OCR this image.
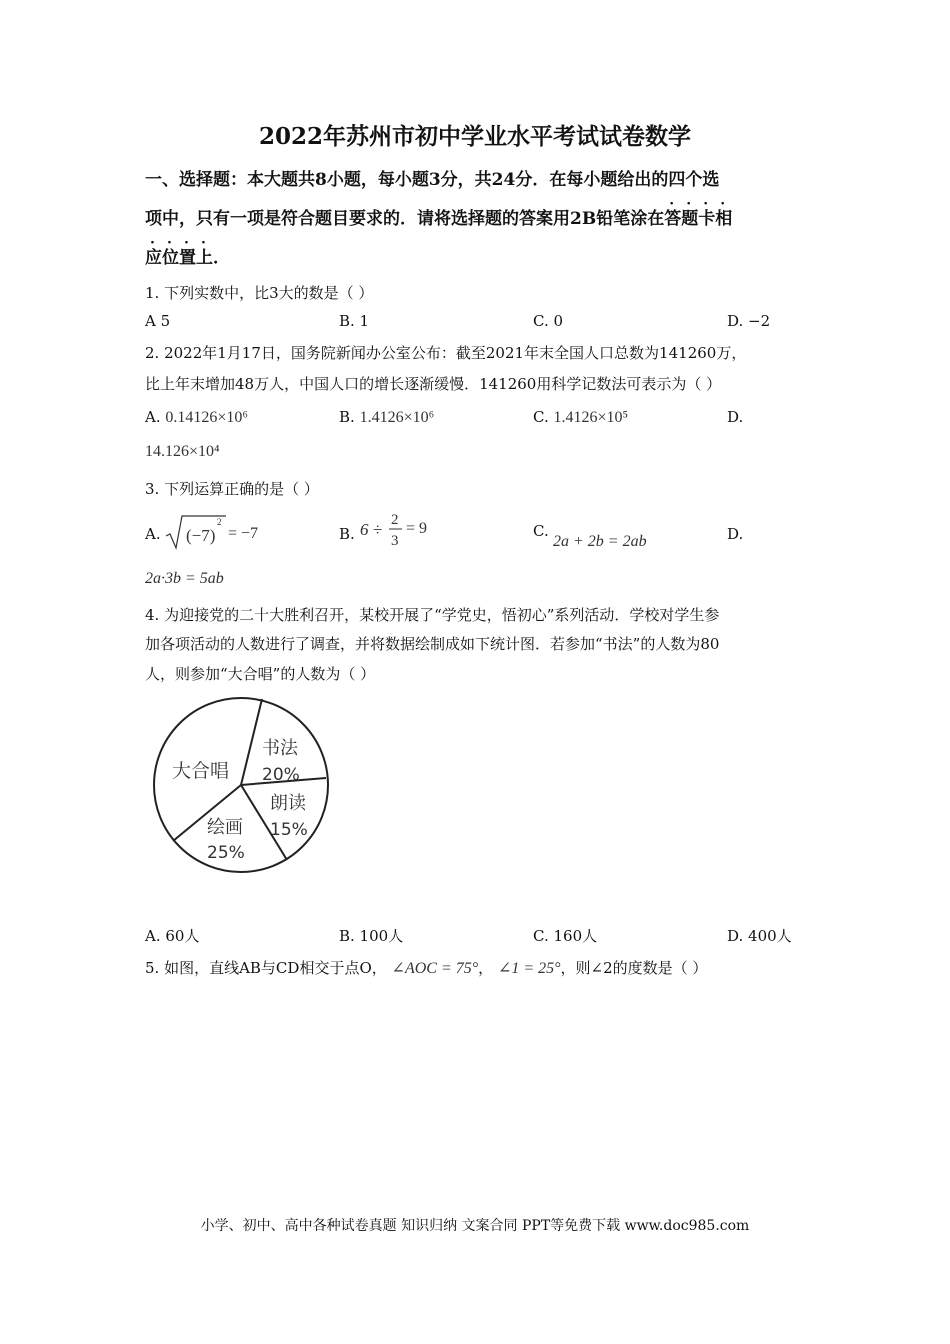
2022年苏州市初中学业水平考试试卷数学
一、选择题：本大题共8小题，每小题3分，共24分．在每小题给出的四个选
项中，只有一项是符合题目要求的．请将选择题的答案用2B铅笔涂在答题卡相
应位置上．
1. 下列实数中，比3大的数是（ ）
A 5	B. 1	C. 0	D. −2
2. 2022年1月17日，国务院新闻办公室公布：截至2021年末全国人口总数为141260万，
比上年末增加48万人，中国人口的增长逐渐缓慢．141260用科学记数法可表示为（ ）
A. 0.14126×10⁶	B. 1.4126×10⁶	C. 1.4126×10⁵	D.
14.126×10⁴
3. 下列运算正确的是（ ）
A. (−7)
2
= −7	B. 6 ÷ 2
3
= 9	C.
2a + 2b = 2ab	D.
2a·3b = 5ab
4. 为迎接党的二十大胜利召开，某校开展了“学党史，悟初心”系列活动．学校对学生参
加各项活动的人数进行了调查，并将数据绘制成如下统计图．若参加“书法”的人数为80
人，则参加“大合唱”的人数为（ ）
大合唱
书法
20%
朗读
15%
绘画
25%
A. 60人	B. 100人	C. 160人	D. 400人
5. 如图，直线AB与CD相交于点O， ∠AOC = 75°， ∠1 = 25°，则∠2的度数是（ ）
小学、初中、高中各种试卷真题 知识归纳 文案合同 PPT等免费下载 www.doc985.com
